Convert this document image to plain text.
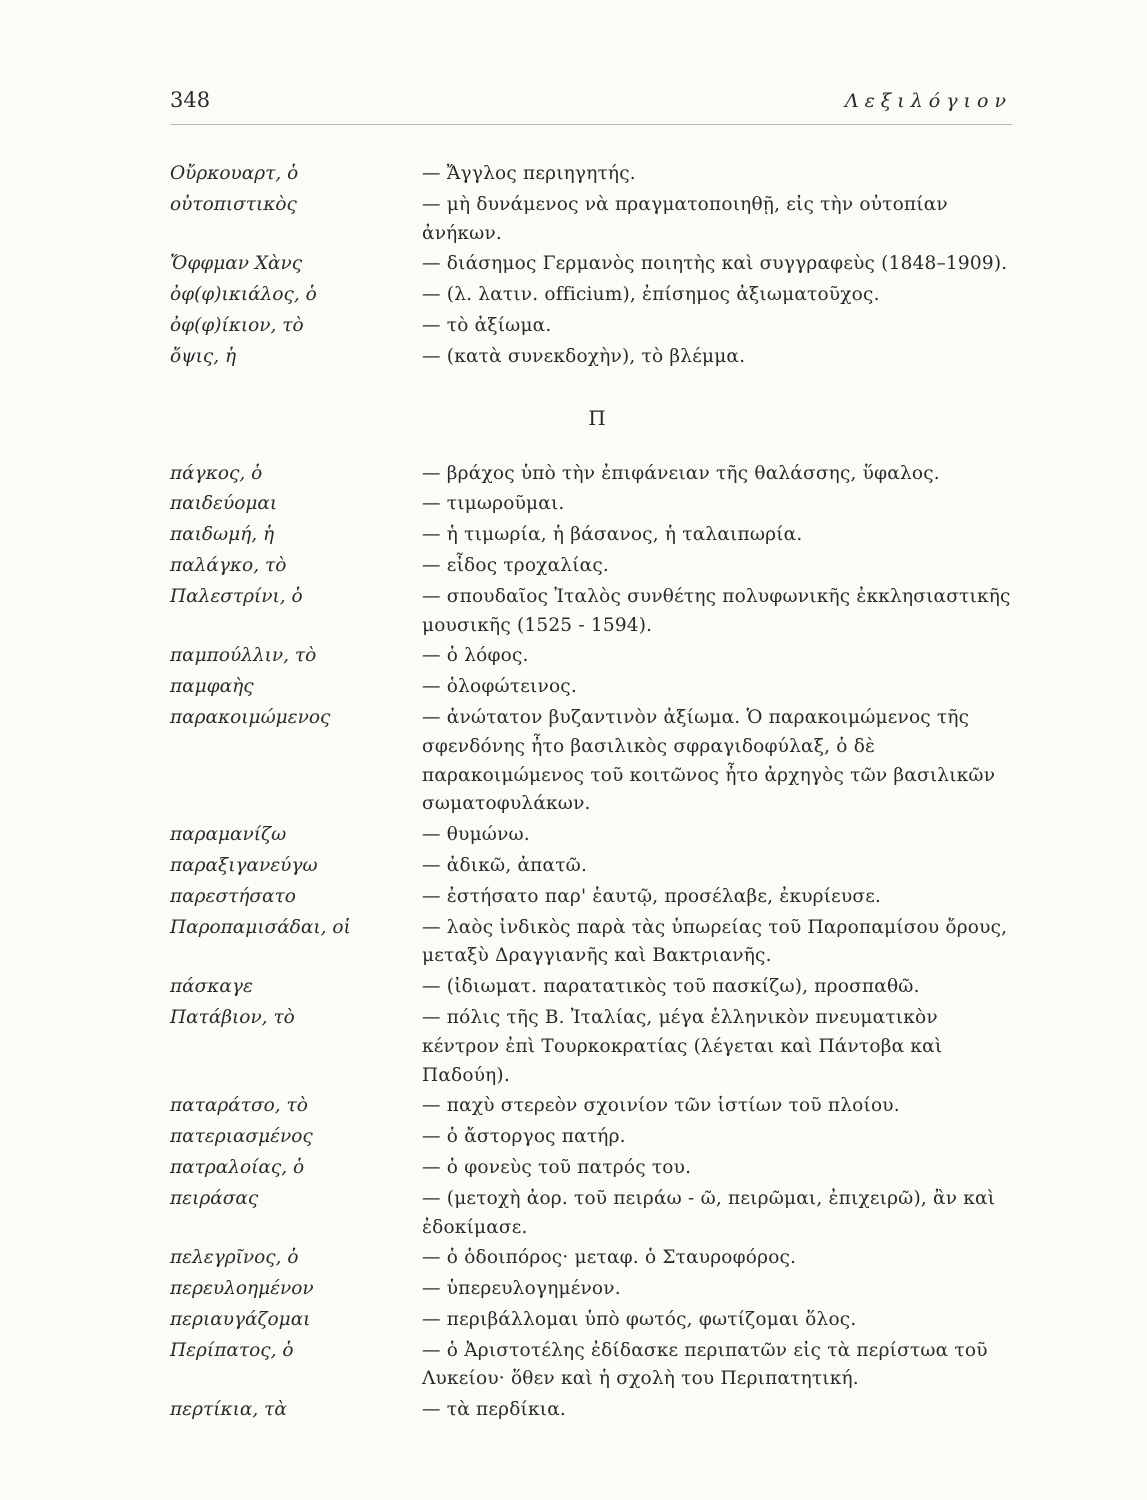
348	Λεξιλόγιον
Οὔρκουαρτ, ὁ	— Ἄγγλος περιηγητής.
οὐτοπιστικὸς	— μὴ δυνάμενος νὰ πραγματοποιηθῇ, εἰς τὴν οὐτοπίαν ἀνήκων.
Ὄφφμαν Χὰνς	— διάσημος Γερμανὸς ποιητὴς καὶ συγγραφεὺς (1848–1909).
ὀφ(φ)ικιάλος, ὁ	— (λ. λατιν. officium), ἐπίσημος ἀξιωματοῦχος.
ὀφ(φ)ίκιον, τὸ	— τὸ ἀξίωμα.
ὄψις, ἡ	— (κατὰ συνεκδοχὴν), τὸ βλέμμα.
Π
πάγκος, ὁ	— βράχος ὑπὸ τὴν ἐπιφάνειαν τῆς θαλάσσης, ὕφαλος.
παιδεύομαι	— τιμωροῦμαι.
παιδωμή, ἡ	— ἡ τιμωρία, ἡ βάσανος, ἡ ταλαιπωρία.
παλάγκο, τὸ	— εἶδος τροχαλίας.
Παλεστρίνι, ὁ	— σπουδαῖος Ἰταλὸς συνθέτης πολυφωνικῆς ἐκκλησιαστικῆς μουσικῆς (1525 - 1594).
παμπούλλιν, τὸ	— ὁ λόφος.
παμφαὴς	— ὁλοφώτεινος.
παρακοιμώμενος	— ἀνώτατον βυζαντινὸν ἀξίωμα. Ὁ παρακοιμώμενος τῆς σφενδόνης ἦτο βασιλικὸς σφραγιδοφύλαξ, ὁ δὲ παρακοιμώμενος τοῦ κοιτῶνος ἦτο ἀρχηγὸς τῶν βασιλικῶν σωματοφυλάκων.
παραμανίζω	— θυμώνω.
παραξιγανεύγω	— ἀδικῶ, ἀπατῶ.
παρεστήσατο	— ἐστήσατο παρ' ἑαυτῷ, προσέλαβε, ἐκυρίευσε.
Παροπαμισάδαι, οἱ	— λαὸς ἰνδικὸς παρὰ τὰς ὑπωρείας τοῦ Παροπαμίσου ὄρους, μεταξὺ Δραγγιανῆς καὶ Βακτριανῆς.
πάσκαγε	— (ἰδιωματ. παρατατικὸς τοῦ πασκίζω), προσπαθῶ.
Πατάβιον, τὸ	— πόλις τῆς Β. Ἰταλίας, μέγα ἑλληνικὸν πνευματικὸν κέντρον ἐπὶ Τουρκοκρατίας (λέγεται καὶ Πάντοβα καὶ Παδούη).
παταράτσο, τὸ	— παχὺ στερεὸν σχοινίον τῶν ἱστίων τοῦ πλοίου.
πατεριασμένος	— ὁ ἄστοργος πατήρ.
πατραλοίας, ὁ	— ὁ φονεὺς τοῦ πατρός του.
πειράσας	— (μετοχὴ ἀορ. τοῦ πειράω - ῶ, πειρῶμαι, ἐπιχειρῶ), ἂν καὶ ἐδοκίμασε.
πελεγρῖνος, ὁ	— ὁ ὁδοιπόρος· μεταφ. ὁ Σταυροφόρος.
περευλοημένον	— ὑπερευλογημένον.
περιαυγάζομαι	— περιβάλλομαι ὑπὸ φωτός, φωτίζομαι ὅλος.
Περίπατος, ὁ	— ὁ Ἀριστοτέλης ἐδίδασκε περιπατῶν εἰς τὰ περίστωα τοῦ Λυκείου· ὅθεν καὶ ἡ σχολὴ του Περιπατητική.
περτίκια, τὰ	— τὰ περδίκια.
